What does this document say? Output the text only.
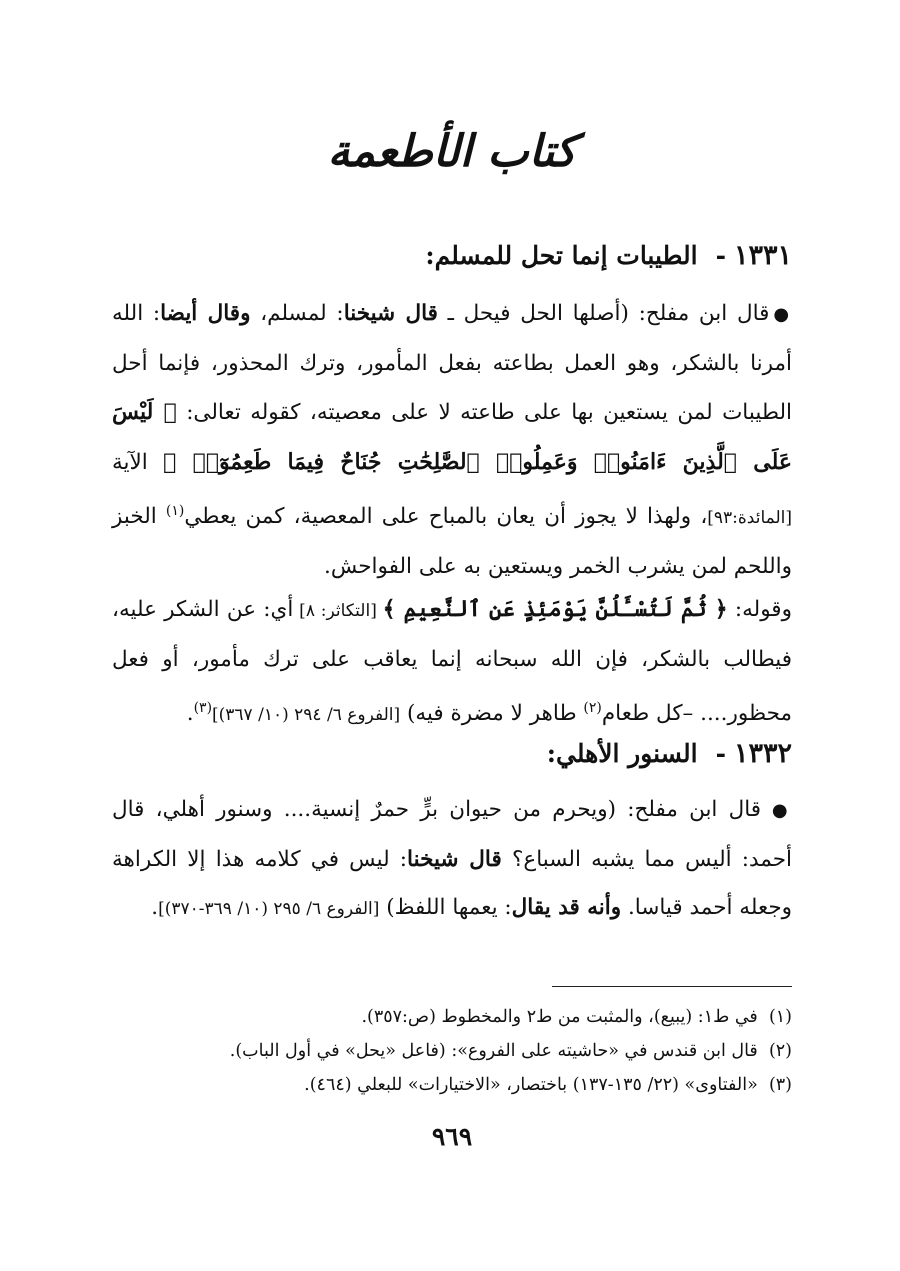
كتاب الأطعمة
١٣٣١-الطيبات إنما تحل للمسلم:
●قال ابن مفلح: (أصلها الحل فيحل ـ قال شيخنا: لمسلم، وقال أيضا: الله أمرنا بالشكر، وهو العمل بطاعته بفعل المأمور، وترك المحذور، فإنما أحل الطيبات لمن يستعين بها على طاعته لا على معصيته، كقوله تعالى: ﴿ لَيْسَ عَلَى ٱلَّذِينَ ءَامَنُوا۟ وَعَمِلُوا۟ ٱلصَّٰلِحَٰتِ جُنَاحٌ فِيمَا طَعِمُوٓا۟ ﴾ الآية [المائدة:٩٣]، ولهذا لا يجوز أن يعان بالمباح على المعصية، كمن يعطي$^{(١)}$ الخبز واللحم لمن يشرب الخمر ويستعين به على الفواحش.
وقوله: ﴿ ثُمَّ لَتُسْـَٔلُنَّ يَوْمَئِذٍ عَنِ ٱلنَّعِيمِ ﴾ [التكاثر: ٨] أي: عن الشكر عليه، فيطالب بالشكر، فإن الله سبحانه إنما يعاقب على ترك مأمور، أو فعل محظور.... –كل طعام$^{(٢)}$ طاهر لا مضرة فيه) [الفروع ٦/ ٢٩٤ (١٠/ ٣٦٧)]$^{(٣)}$.
١٣٣٢-السنور الأهلي:
● قال ابن مفلح: (ويحرم من حيوان برٍّ حمرٌ إنسية.... وسنور أهلي، قال أحمد: أليس مما يشبه السباع؟ قال شيخنا: ليس في كلامه هذا إلا الكراهة وجعله أحمد قياسا. وأنه قد يقال: يعمها اللفظ) [الفروع ٦/ ٢٩٥ (١٠/ ٣٦٩-٣٧٠)].
(١)  في ط١: (يبيع)، والمثبت من ط٢ والمخطوط (ص:٣٥٧).
(٢)  قال ابن قندس في «حاشيته على الفروع»: (فاعل «يحل» في أول الباب).
(٣)  «الفتاوى» (٢٢/ ١٣٥-١٣٧) باختصار، «الاختيارات» للبعلي (٤٦٤).
٩٦٩
